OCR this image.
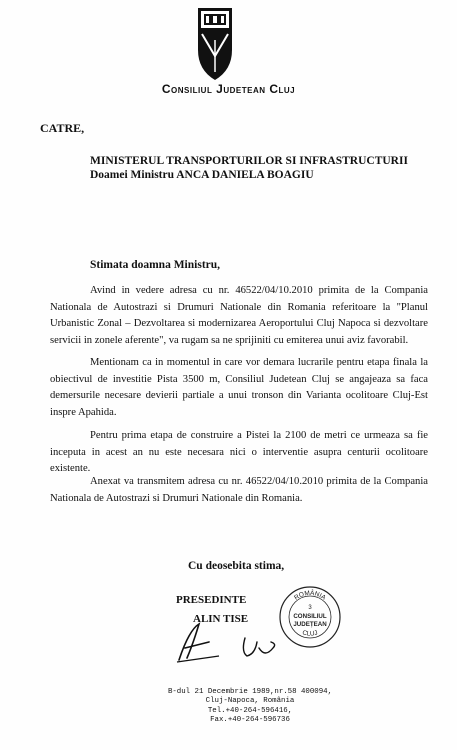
Consiliul Judetean Cluj
CATRE,
MINISTERUL TRANSPORTURILOR SI INFRASTRUCTURII
Doamei Ministru ANCA DANIELA BOAGIU
Stimata doamna Ministru,

Avind in vedere adresa cu nr. 46522/04/10.2010 primita de la Compania Nationala de Autostrazi si Drumuri Nationale din Romania referitoare la "Planul Urbanistic Zonal – Dezvoltarea si modernizarea Aeroportului Cluj Napoca si dezvoltare servicii in zonele aferente", va rugam sa ne sprijiniti cu emiterea unui aviz favorabil.

Mentionam ca in momentul in care vor demara lucrarile pentru etapa finala la obiectivul de investitie Pista 3500 m, Consiliul Judetean Cluj se angajeaza sa faca demersurile necesare devierii partiale a unui tronson din Varianta ocolitoare Cluj-Est inspre Apahida.

Pentru prima etapa de construire a Pistei la 2100 de metri ce urmeaza sa fie inceputa in acest an nu este necesara nici o interventie asupra centurii ocolitoare existente.

Anexat va transmitem adresa cu nr. 46522/04/10.2010 primita de la Compania Nationala de Autostrazi si Drumuri Nationale din Romania.

Cu deosebita stima,
PRESEDINTE
ALIN TISE
ROMÂNIA
3
CONSILIUL
JUDEȚEAN
CLUJ
B-dul 21 Decembrie 1989,nr.58 400094,
Cluj-Napoca, România
Tel.+40-264-596416,
Fax.+40-264-596736
